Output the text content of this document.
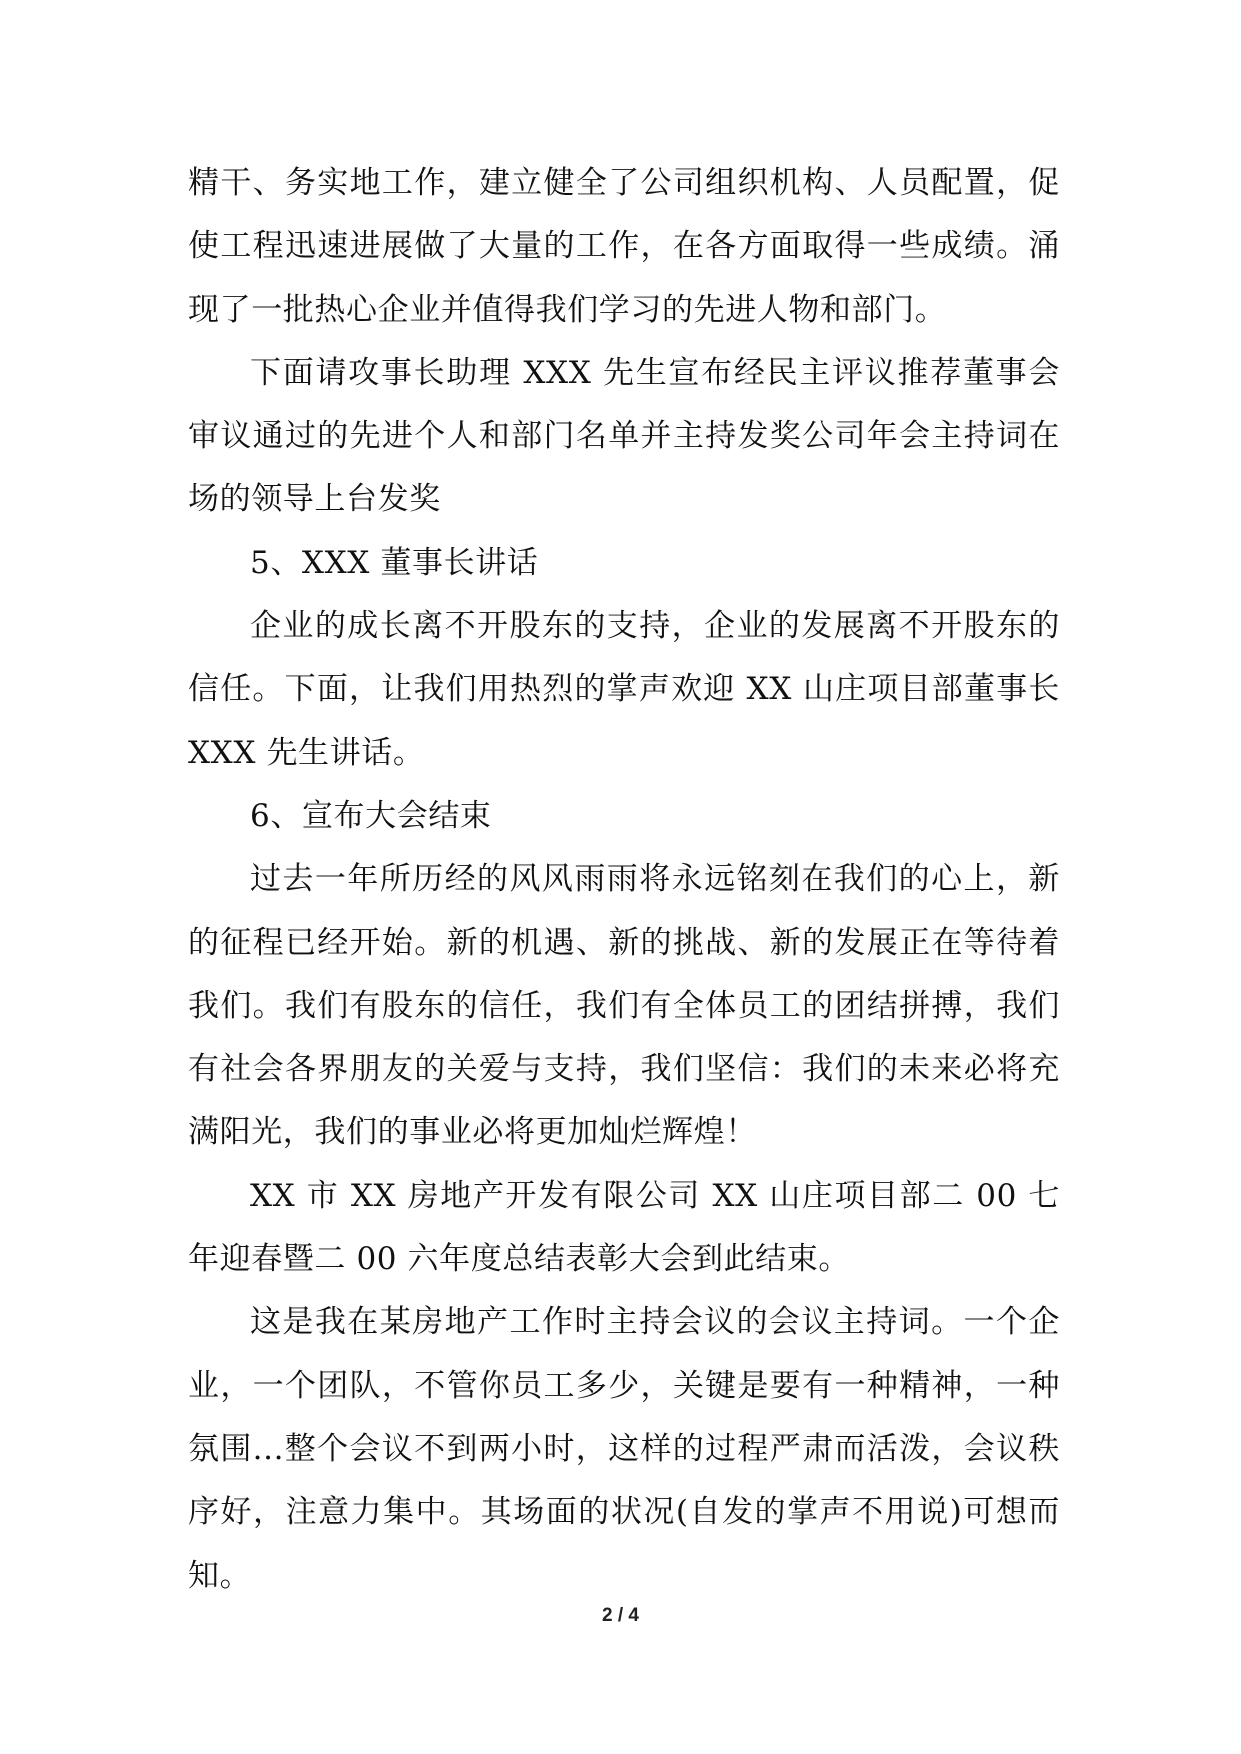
精干、务实地工作，建立健全了公司组织机构、人员配置，促使工程迅速进展做了大量的工作，在各方面取得一些成绩。涌现了一批热心企业并值得我们学习的先进人物和部门。

下面请攻事长助理 XXX 先生宣布经民主评议推荐董事会审议通过的先进个人和部门名单并主持发奖公司年会主持词在场的领导上台发奖

5、XXX 董事长讲话

企业的成长离不开股东的支持，企业的发展离不开股东的信任。下面，让我们用热烈的掌声欢迎 XX 山庄项目部董事长 XXX 先生讲话。

6、宣布大会结束

过去一年所历经的风风雨雨将永远铭刻在我们的心上，新的征程已经开始。新的机遇、新的挑战、新的发展正在等待着我们。我们有股东的信任，我们有全体员工的团结拼搏，我们有社会各界朋友的关爱与支持，我们坚信：我们的未来必将充满阳光，我们的事业必将更加灿烂辉煌！

XX 市 XX 房地产开发有限公司 XX 山庄项目部二 00 七年迎春暨二 00 六年度总结表彰大会到此结束。

这是我在某房地产工作时主持会议的会议主持词。一个企业，一个团队，不管你员工多少，关键是要有一种精神，一种氛围...整个会议不到两小时，这样的过程严肃而活泼，会议秩序好，注意力集中。其场面的状况(自发的掌声不用说)可想而知。

2 / 4
